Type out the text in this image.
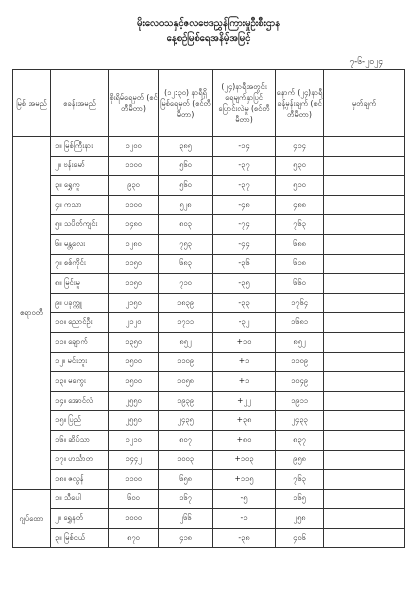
မိုးလေဝသနှင့်ဇလဗေဒညွှန်ကြားမှုဦးစီးဌာန
နေ့စဉ်မြစ်ရေအနိမ့်အမြင့်
၇-၆-၂၀၂၄
မြစ် အမည်	စခန်းအမည်	စိုးရိမ်ရေမှတ် (စင်တီမီတာ)	(၁၂:၃၀) နာရီရှိ မြစ်ရေမှတ် (စင်တီမီတာ)	(၂၄)နာရီအတွင်း ရေမျက်နှာပြင် ပြောင်းလဲမှု (စင်တီမီတာ)	နောက် (၂၄)နာရီ ခန့်မှန်းချက် (စင်တီမီတာ)	မှတ်ချက်
ဧရာဝတီ	၁။ မြစ်ကြီးနား	၁၂၀၀	၃၈၅	-၁၄	၄၁၄	
	၂။ ဗန်းမော်	၁၁၀၀	၅၆၀	-၃၇	၅၃၀	
	၃။ ရွှေကူ	၉၃၀	၅၆၀	-၃၇	၅၁၀	
	၄။ ကသာ	၁၁၀၀	၅၂၈	-၄၈	၄၈၈	
	၅။ သပိတ်ကျင်း	၁၄၈၀	၈၀၃	-၇၄	၇၆၃	
	၆။ မန္တလေး	၁၂၈၀	၇၅၃	-၄၄	၆၈၈	
	၇။ စစ်ကိုင်း	၁၁၅၀	၆၈၃	-၃၆	၆၁၈	
	၈။ မြင်းမူ	၁၁၅၀	၇၁၀	-၃၅	၆၆၀	
	၉။ ပခုက္ကူ	၂၁၅၀	၁၈၃၉	-၃၃	၁၇၆၄	
	၁၀။ ညောင်ဦး	၂၁၂၀	၁၇၁၁	-၃၂	၁၆၈၁	
	၁၁။ ချောက်	၁၃၅၀	၈၅၂	+၁၀	၈၅၂	
	၁၂။ မင်းဘူး	၁၅၀၀	၁၁၀၉	+၁	၁၁၀၉	
	၁၃။ မကွေး	၁၅၀၀	၁၀၅၈	+၁	၁၀၄၉	
	၁၄။ အောင်လံ	၂၅၅၀	၁၉၃၉	+၂၂	၁၉၁၁	
	၁၅။ ပြည်	၂၅၅၀	၂၄၃၅	+၃၈	၂၄၃၃	
	၁၆။ ဆိပ်သာ	၁၂၁၀	၈၀၇	+၈၀	၈၃၇	
	၁၇။ ဟင်္သာတ	၁၄၄၂	၁၀၀၃	+၁၀၃	၉၅၈	
	၁၈။ ဇလွန်	၁၁၀၀	၆၅၈	+၁၁၅	၇၆၃	
ဂျပ်ထော	၁။ သီပေါ	၆၀၀	၁၆၇	-၅	၁၆၅	
	၂။ ရွှေနတ်	၁၀၀၀	၂၆၆	-၁	၂၅၈	
	၃။ မြစ်ငယ်	၈၇၀	၄၁၈	-၃၈	၄၀၆	
